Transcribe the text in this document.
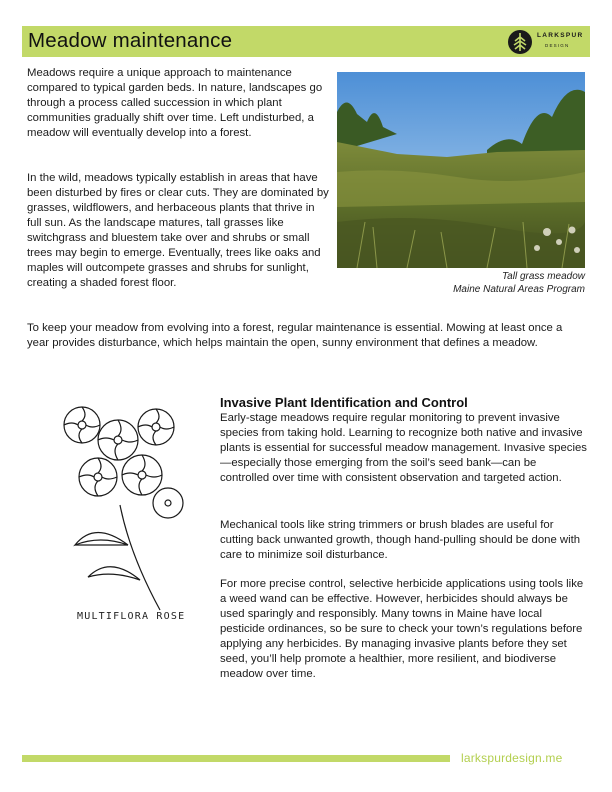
Meadow maintenance	LARKSPUR
DESIGN

Meadows require a unique approach to maintenance compared to typical garden beds. In nature, landscapes go through a process called succession in which plant communities gradually shift over time. Left undisturbed, a meadow will eventually develop into a forest.

In the wild, meadows typically establish in areas that have been disturbed by fires or clear cuts. They are dominated by grasses, wildflowers, and herbaceous plants that thrive in full sun. As the landscape matures, tall grasses like switchgrass and bluestem take over and shrubs or small trees may begin to emerge. Eventually, trees like oaks and maples will outcompete grasses and shrubs for sunlight, creating a shaded forest floor.

Tall grass meadow
Maine Natural Areas Program

To keep your meadow from evolving into a forest, regular maintenance is essential. Mowing at least once a year provides disturbance, which helps maintain the open, sunny environment that defines a meadow.

MULTIFLORA ROSE
Invasive Plant Identification and Control

Early-stage meadows require regular monitoring to prevent invasive species from taking hold. Learning to recognize both native and invasive plants is essential for successful meadow management. Invasive species—especially those emerging from the soil’s seed bank—can be controlled over time with consistent observation and targeted action.

Mechanical tools like string trimmers or brush blades are useful for cutting back unwanted growth, though hand-pulling should be done with care to minimize soil disturbance.

For more precise control, selective herbicide applications using tools like a weed wand can be effective. However, herbicides should always be used sparingly and responsibly. Many towns in Maine have local pesticide ordinances, so be sure to check your town’s regulations before applying any herbicides. By managing invasive plants before they set seed, you’ll help promote a healthier, more resilient, and biodiverse meadow over time.

larkspurdesign.me
